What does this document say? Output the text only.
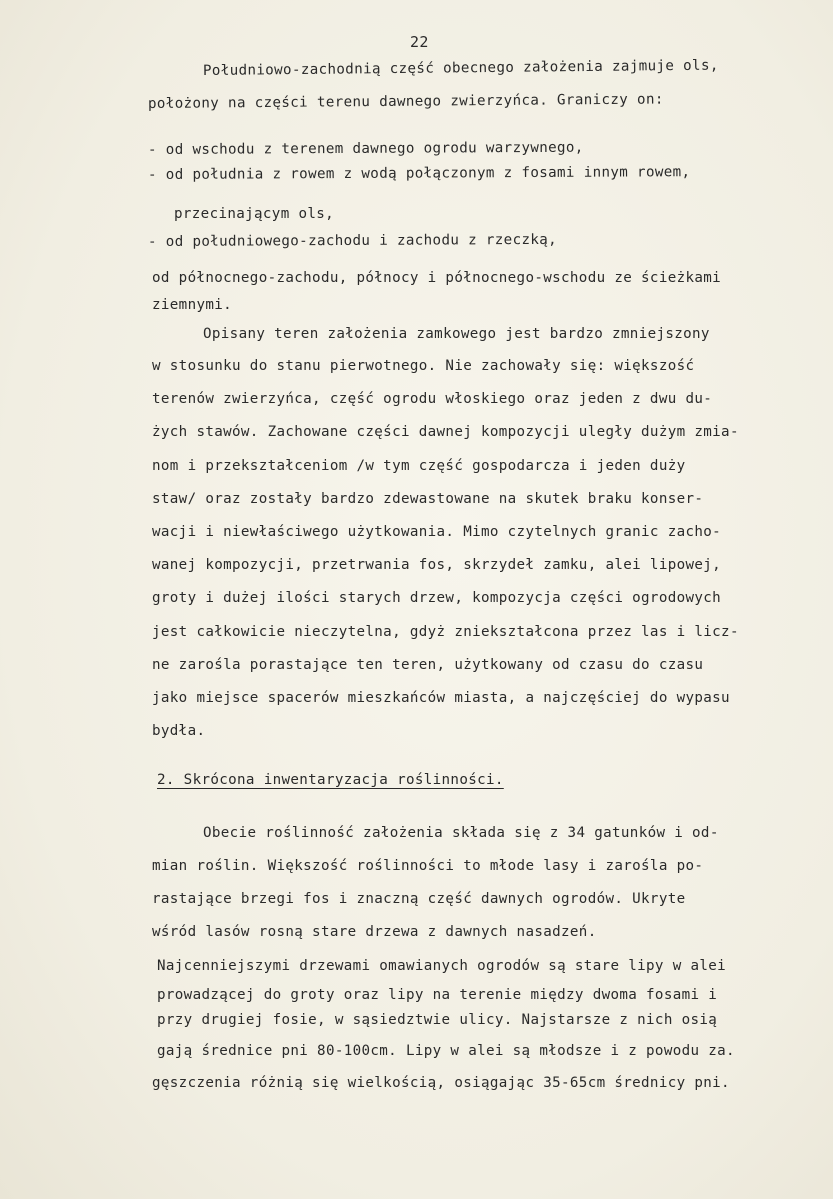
22
Południowo-zachodnią część obecnego założenia zajmuje ols,
położony na części terenu dawnego zwierzyńca. Graniczy on:
- od wschodu z terenem dawnego ogrodu warzywnego,
- od południa z rowem z wodą połączonym z fosami innym rowem,
przecinającym ols,
- od południowego-zachodu i zachodu z rzeczką,
od północnego-zachodu, północy i północnego-wschodu ze ścieżkami
ziemnymi.
Opisany teren założenia zamkowego jest bardzo zmniejszony
w stosunku do stanu pierwotnego. Nie zachowały się: większość
terenów zwierzyńca, część ogrodu włoskiego oraz jeden z dwu du-
żych stawów. Zachowane części dawnej kompozycji uległy dużym zmia-
nom i przekształceniom /w tym część gospodarcza i jeden duży
staw/ oraz zostały bardzo zdewastowane na skutek braku konser-
wacji i niewłaściwego użytkowania. Mimo czytelnych granic zacho-
wanej kompozycji, przetrwania fos, skrzydeł zamku, alei lipowej,
groty i dużej ilości starych drzew, kompozycja części ogrodowych
jest całkowicie nieczytelna, gdyż zniekształcona przez las i licz-
ne zarośla porastające ten teren, użytkowany od czasu do czasu
jako miejsce spacerów mieszkańców miasta, a najczęściej do wypasu
bydła.
2. Skrócona inwentaryzacja roślinności.
Obecie roślinność założenia składa się z 34 gatunków i od-
mian roślin. Większość roślinności to młode lasy i zarośla po-
rastające brzegi fos i znaczną część dawnych ogrodów. Ukryte
wśród lasów rosną stare drzewa z dawnych nasadzeń.
Najcenniejszymi drzewami omawianych ogrodów są stare lipy w alei
prowadzącej do groty oraz lipy na terenie między dwoma fosami i
przy drugiej fosie, w sąsiedztwie ulicy. Najstarsze z nich osią
gają średnice pni 80-100cm. Lipy w alei są młodsze i z powodu za.
gęszczenia różnią się wielkością, osiągając 35-65cm średnicy pni.
